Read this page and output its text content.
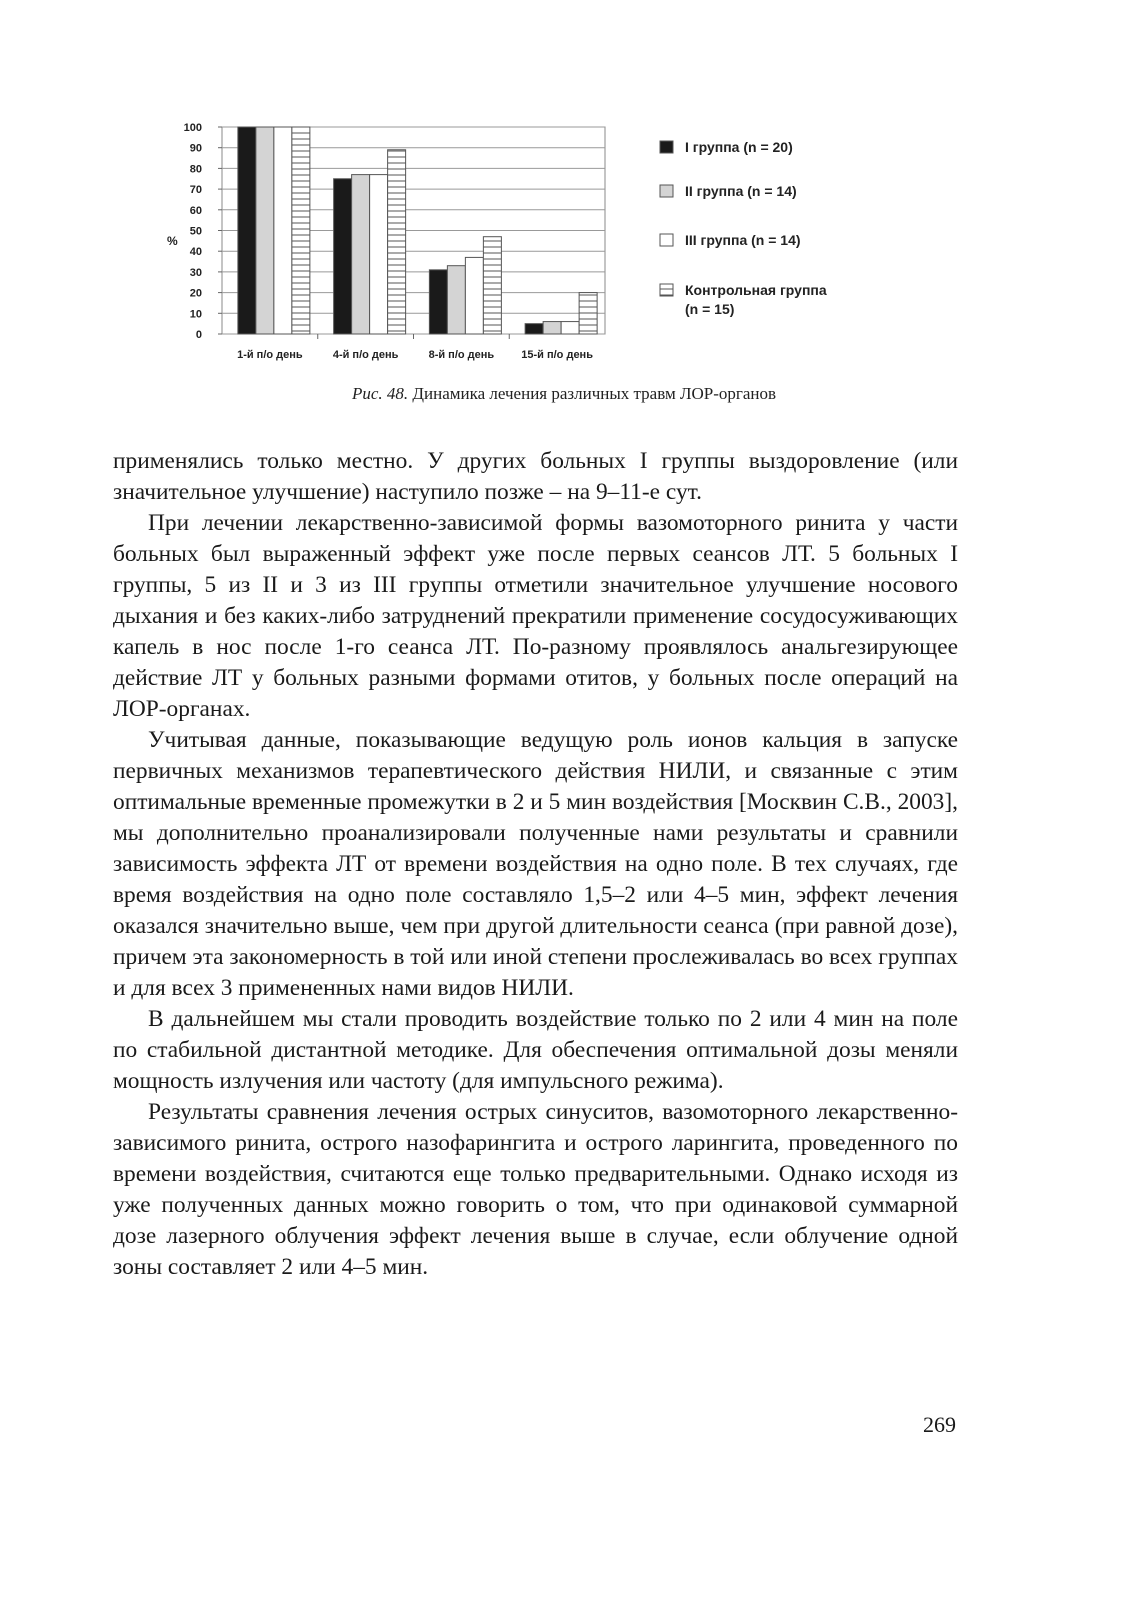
0
10
20
30
40
50
60
70
80
90
100
%
1-й п/о день	4-й п/о день	8-й п/о день 15-й п/о день
I группа (n = 20)
II группа (n = 14)
III группа (n = 14)
Контрольная группа (n = 15)
Рис. 48. Динамика лечения различных травм ЛОР-органов

применялись только местно. У других больных I группы выздоровление (или значительное улучшение) наступило позже – на 9–11-е сут.

При лечении лекарственно-зависимой формы вазомоторного ринита у части больных был выраженный эффект уже после первых сеансов ЛТ. 5 больных I группы, 5 из II и 3 из III группы отметили значительное улучшение носового дыхания и без каких-либо затруднений прекратили применение сосудосуживающих капель в нос после 1-го сеанса ЛТ. По-разному проявлялось анальгезирующее действие ЛТ у больных разными формами отитов, у больных после операций на ЛОР-органах.

Учитывая данные, показывающие ведущую роль ионов кальция в запуске первичных механизмов терапевтического действия НИЛИ, и связанные с этим оптимальные временные промежутки в 2 и 5 мин воздействия [Москвин С.В., 2003], мы дополнительно проанализировали полученные нами результаты и сравнили зависимость эффекта ЛТ от времени воздействия на одно поле. В тех случаях, где время воздействия на одно поле составляло 1,5–2 или 4–5 мин, эффект лечения оказался значительно выше, чем при другой длительности сеанса (при равной дозе), причем эта закономерность в той или иной степени прослеживалась во всех группах и для всех 3 примененных нами видов НИЛИ.

В дальнейшем мы стали проводить воздействие только по 2 или 4 мин на поле по стабильной дистантной методике. Для обеспечения оптимальной дозы меняли мощность излучения или частоту (для импульсного режима).

Результаты сравнения лечения острых синуситов, вазомоторного лекарственно-зависимого ринита, острого назофарингита и острого ларингита, проведенного по времени воздействия, считаются еще только предварительными. Однако исходя из уже полученных данных можно говорить о том, что при одинаковой суммарной дозе лазерного облучения эффект лечения выше в случае, если облучение одной зоны составляет 2 или 4–5 мин.

269
